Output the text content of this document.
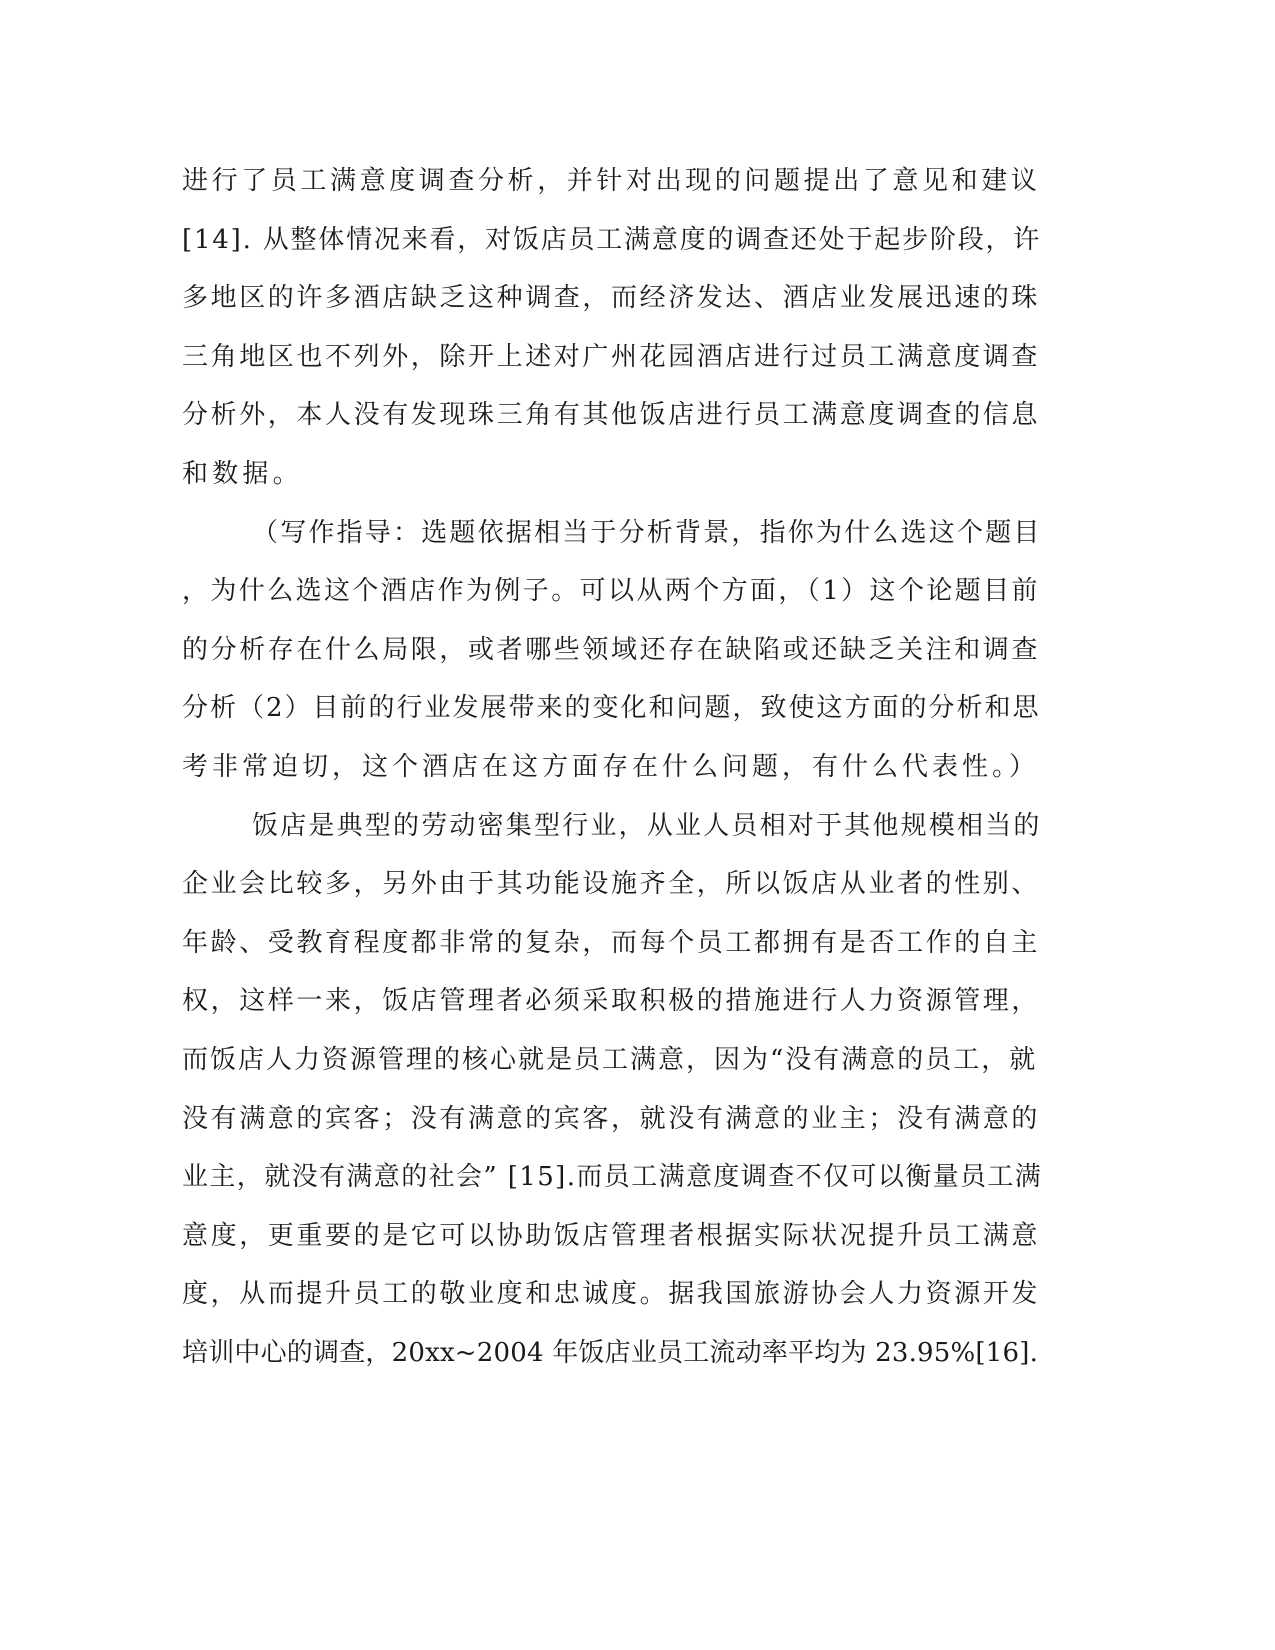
进行了员工满意度调查分析，并针对出现的问题提出了意见和建议
[14]. 从整体情况来看，对饭店员工满意度的调查还处于起步阶段，许
多地区的许多酒店缺乏这种调查，而经济发达、酒店业发展迅速的珠
三角地区也不列外，除开上述对广州花园酒店进行过员工满意度调查
分析外，本人没有发现珠三角有其他饭店进行员工满意度调查的信息
和数据。
（写作指导：选题依据相当于分析背景，指你为什么选这个题目
，为什么选这个酒店作为例子。可以从两个方面，（1）这个论题目前
的分析存在什么局限，或者哪些领域还存在缺陷或还缺乏关注和调查
分析（2）目前的行业发展带来的变化和问题，致使这方面的分析和思
考非常迫切，这个酒店在这方面存在什么问题，有什么代表性。）
饭店是典型的劳动密集型行业，从业人员相对于其他规模相当的
企业会比较多，另外由于其功能设施齐全，所以饭店从业者的性别、
年龄、受教育程度都非常的复杂，而每个员工都拥有是否工作的自主
权，这样一来，饭店管理者必须采取积极的措施进行人力资源管理，
而饭店人力资源管理的核心就是员工满意，因为“没有满意的员工，就
没有满意的宾客；没有满意的宾客，就没有满意的业主；没有满意的
业主，就没有满意的社会” [15].而员工满意度调查不仅可以衡量员工满
意度，更重要的是它可以协助饭店管理者根据实际状况提升员工满意
度，从而提升员工的敬业度和忠诚度。据我国旅游协会人力资源开发
培训中心的调查，20xx~2004 年饭店业员工流动率平均为 23.95%[16].
